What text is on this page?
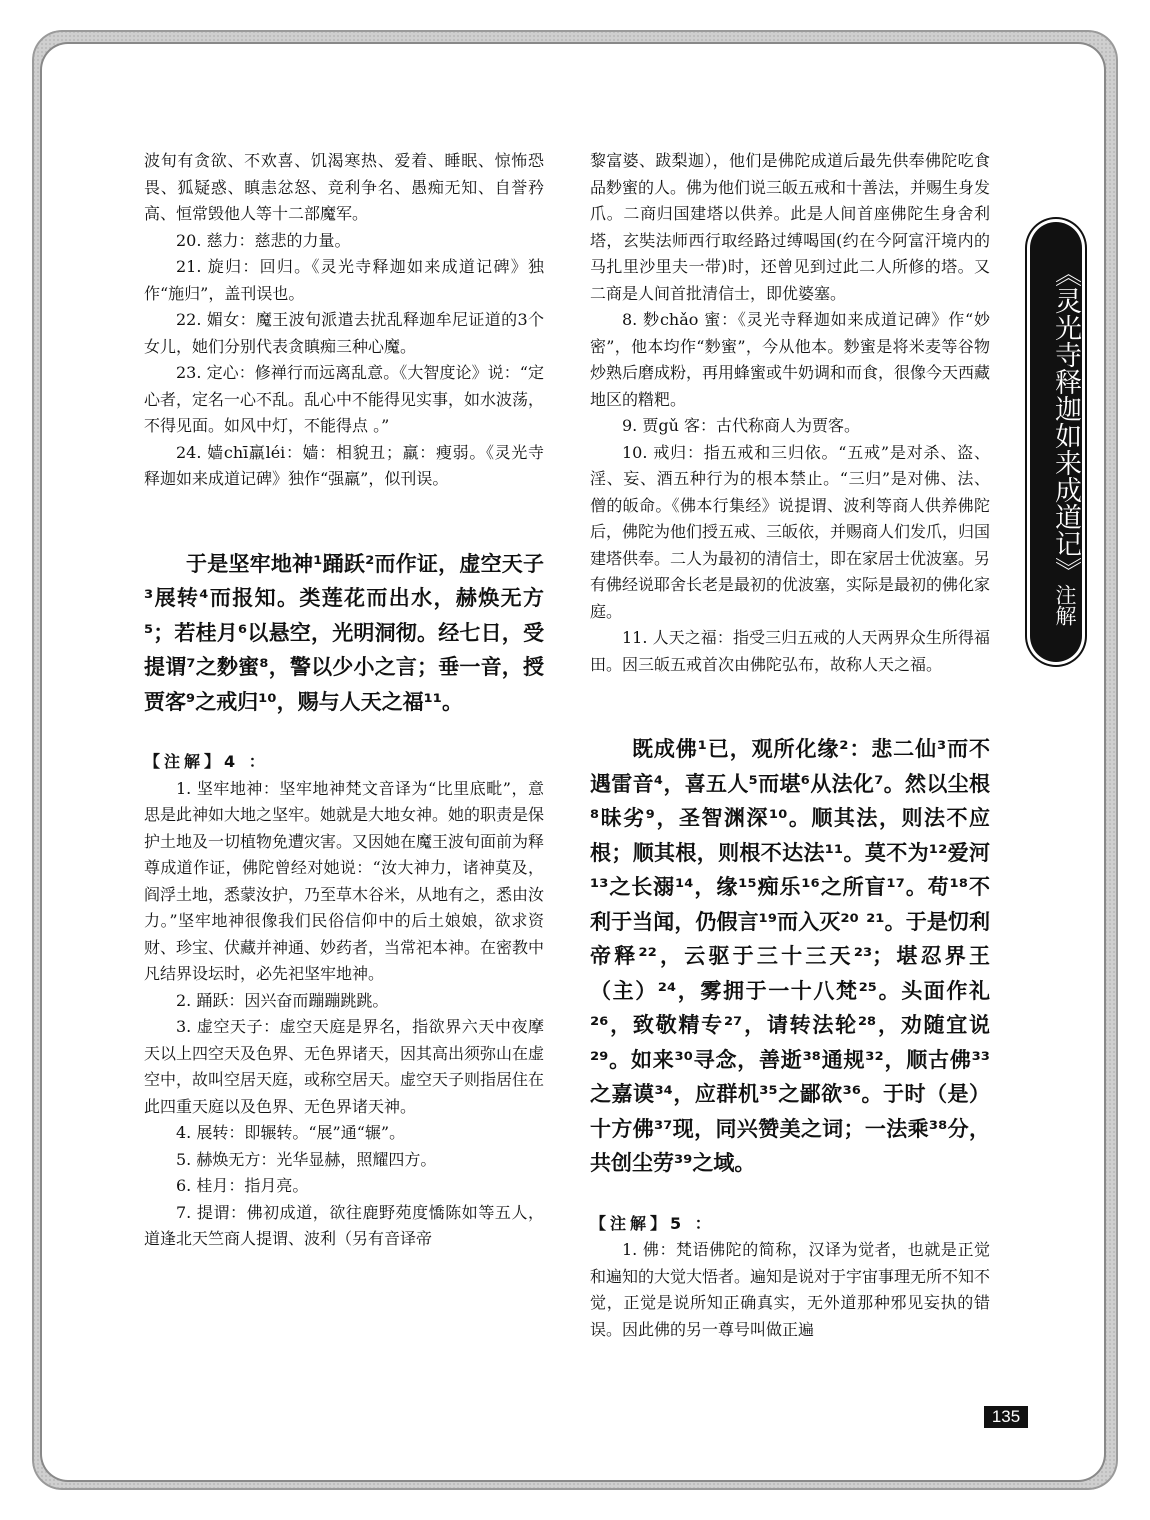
波旬有贪欲、不欢喜、饥渴寒热、爱着、睡眠、惊怖恐畏、狐疑惑、瞋恚忿怒、竞利争名、愚痴无知、自誉矜高、恒常毁他人等十二部魔军。

20. 慈力：慈悲的力量。

21. 旋归：回归。《灵光寺释迦如来成道记碑》独作“施归”，盖刊误也。

22. 媚女：魔王波旬派遣去扰乱释迦牟尼证道的3个女儿，她们分别代表贪瞋痴三种心魔。

23. 定心：修禅行而远离乱意。《大智度论》说：“定心者，定名一心不乱。乱心中不能得见实事，如水波荡，不得见面。如风中灯，不能得点 。”

24. 嫱chī羸léi：嫱：相貌丑；羸：瘦弱。《灵光寺释迦如来成道记碑》独作“强羸”，似刊误。

于是坚牢地神¹踊跃²而作证，虚空天子³展转⁴而报知。类莲花而出水，赫焕无方⁵；若桂月⁶以悬空，光明洞彻。经七日，受提谓⁷之麨蜜⁸，警以少小之言；垂一音，授贾客⁹之戒归¹⁰，赐与人天之福¹¹。

【注解】4 ：

1. 坚牢地神：坚牢地神梵文音译为“比里底毗”，意思是此神如大地之坚牢。她就是大地女神。她的职责是保护土地及一切植物免遭灾害。又因她在魔王波旬面前为释尊成道作证，佛陀曾经对她说：“汝大神力，诸神莫及，阎浮土地，悉蒙汝护，乃至草木谷米，从地有之，悉由汝力。”坚牢地神很像我们民俗信仰中的后土娘娘，欲求资财、珍宝、伏藏并神通、妙药者，当常祀本神。在密教中凡结界设坛时，必先祀坚牢地神。

2. 踊跃：因兴奋而蹦蹦跳跳。

3. 虚空天子：虚空天庭是界名，指欲界六天中夜摩天以上四空天及色界、无色界诸天，因其高出须弥山在虚空中，故叫空居天庭，或称空居天。虚空天子则指居住在此四重天庭以及色界、无色界诸天神。

4. 展转：即辗转。“展”通“辗”。

5. 赫焕无方：光华显赫，照耀四方。

6. 桂月：指月亮。

7. 提谓：佛初成道，欲往鹿野苑度憍陈如等五人，道逢北天竺商人提谓、波利（另有音译帝

黎富婆、跋梨迦），他们是佛陀成道后最先供奉佛陀吃食品麨蜜的人。佛为他们说三皈五戒和十善法，并赐生身发爪。二商归国建塔以供养。此是人间首座佛陀生身舍利塔，玄奘法师西行取经路过缚喝国(约在今阿富汗境内的马扎里沙里夫一带)时，还曾见到过此二人所修的塔。又二商是人间首批清信士，即优婆塞。

8. 麨chǎo 蜜：《灵光寺释迦如来成道记碑》作“妙密”，他本均作“麨蜜”，今从他本。麨蜜是将米麦等谷物炒熟后磨成粉，再用蜂蜜或牛奶调和而食，很像今天西藏地区的糌粑。

9. 贾gǔ 客：古代称商人为贾客。

10. 戒归：指五戒和三归依。“五戒”是对杀、盗、淫、妄、酒五种行为的根本禁止。“三归”是对佛、法、僧的皈命。《佛本行集经》说提谓、波利等商人供养佛陀后，佛陀为他们授五戒、三皈依，并赐商人们发爪，归国建塔供奉。二人为最初的清信士，即在家居士优波塞。另有佛经说耶舍长老是最初的优波塞，实际是最初的佛化家庭。

11. 人天之福：指受三归五戒的人天两界众生所得福田。因三皈五戒首次由佛陀弘布，故称人天之福。

既成佛¹已，观所化缘²：悲二仙³而不遇雷音⁴，喜五人⁵而堪⁶从法化⁷。然以尘根⁸昧劣⁹，圣智渊深¹⁰。顺其法，则法不应根；顺其根，则根不达法¹¹。莫不为¹²爱河¹³之长溺¹⁴，缘¹⁵痴乐¹⁶之所盲¹⁷。苟¹⁸不利于当闻，仍假言¹⁹而入灭²⁰ ²¹。于是忉利帝释²²，云驱于三十三天²³；堪忍界王（主）²⁴，雾拥于一十八梵²⁵。头面作礼²⁶，致敬精专²⁷，请转法轮²⁸，劝随宜说²⁹。如来³⁰寻念，善逝³⁸通规³²，顺古佛³³之嘉谟³⁴，应群机³⁵之鄙欲³⁶。于时（是）十方佛³⁷现，同兴赞美之词；一法乘³⁸分，共创尘劳³⁹之域。

【注解】5 ：

1. 佛：梵语佛陀的简称，汉译为觉者，也就是正觉和遍知的大觉大悟者。遍知是说对于宇宙事理无所不知不觉，正觉是说所知正确真实，无外道那种邪见妄执的错误。因此佛的另一尊号叫做正遍

《灵光寺释迦如来成道记》注解
135
